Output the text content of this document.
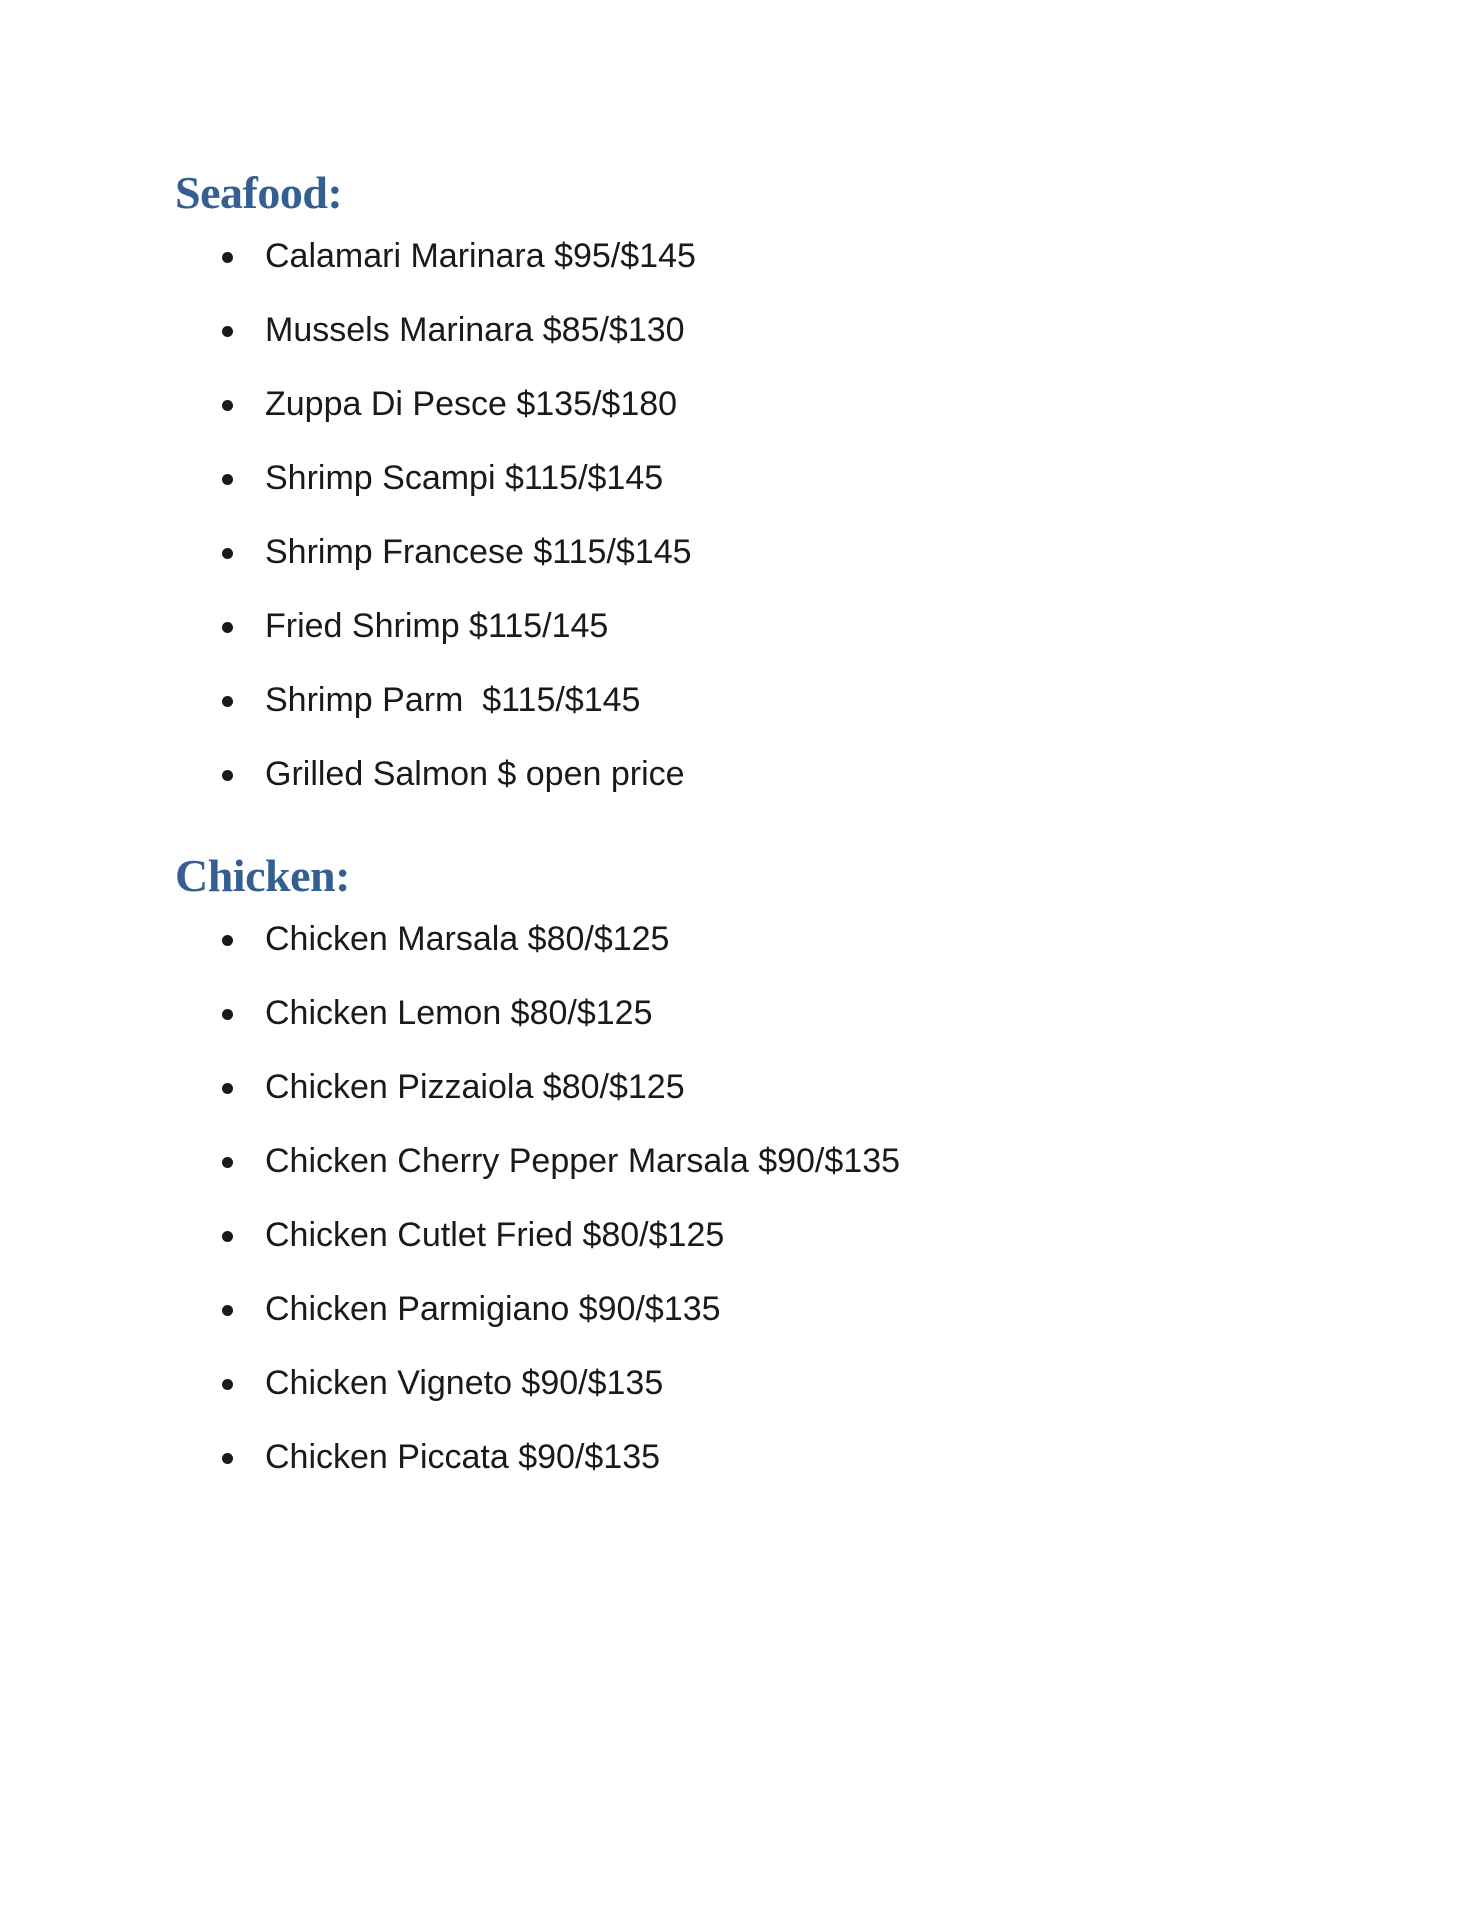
Seafood:
Calamari Marinara $95/$145
Mussels Marinara $85/$130
Zuppa Di Pesce $135/$180
Shrimp Scampi $115/$145
Shrimp Francese $115/$145
Fried Shrimp $115/145
Shrimp Parm  $115/$145
Grilled Salmon $ open price
Chicken:
Chicken Marsala $80/$125
Chicken Lemon $80/$125
Chicken Pizzaiola $80/$125
Chicken Cherry Pepper Marsala $90/$135
Chicken Cutlet Fried $80/$125
Chicken Parmigiano $90/$135
Chicken Vigneto $90/$135
Chicken Piccata $90/$135
